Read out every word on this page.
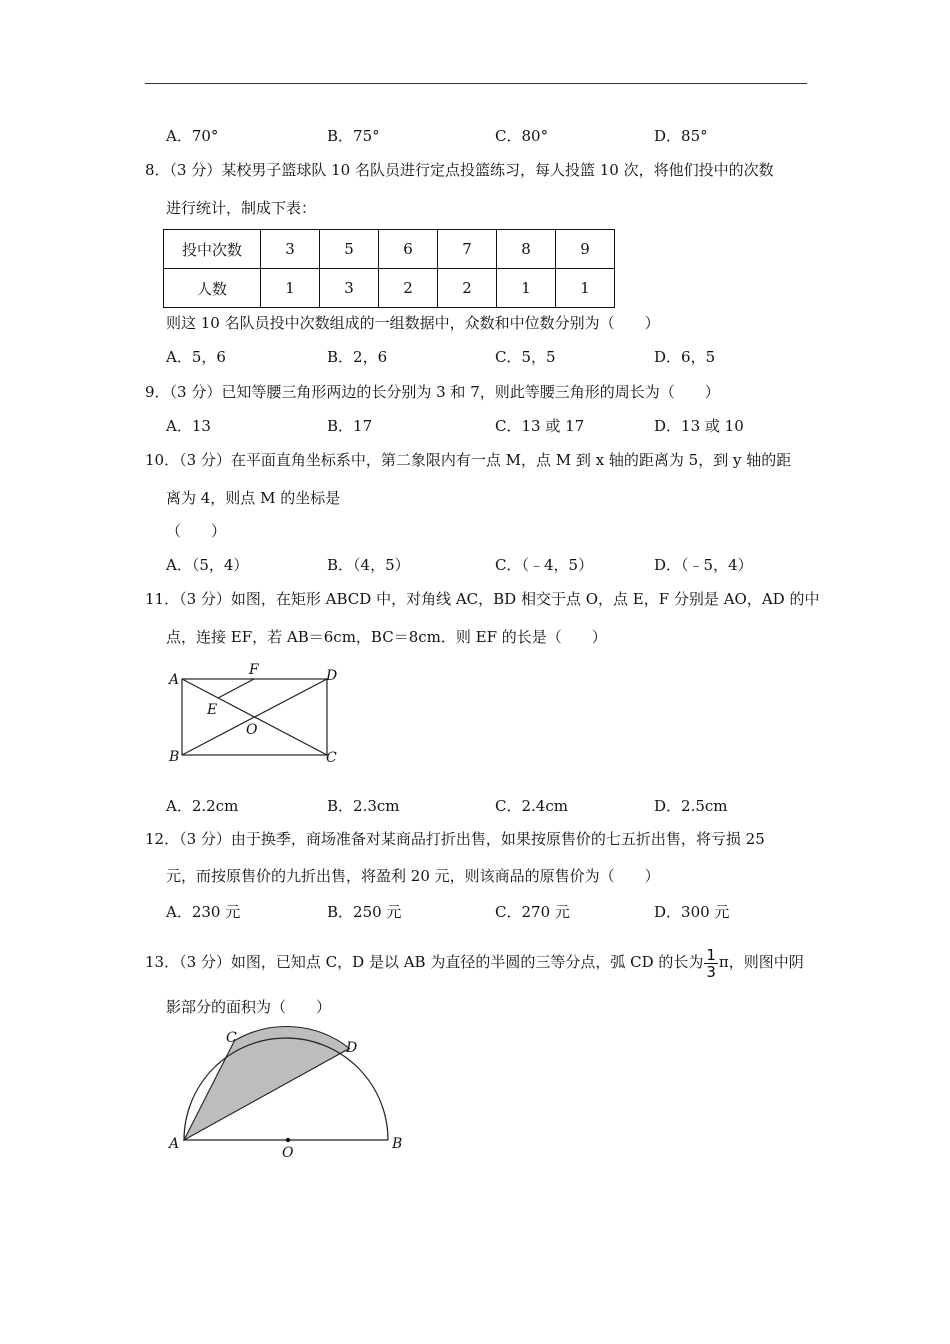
A．70°	B．75°	C．80°	D．85°
8．（3 分）某校男子篮球队 10 名队员进行定点投篮练习，每人投篮 10 次，将他们投中的次数
进行统计，制成下表：
投中次数	3	5	6	7	8	9
人数	1	3	2	2	1	1
则这 10 名队员投中次数组成的一组数据中，众数和中位数分别为（　　）
A．5，6	B．2，6	C．5，5	D．6，5
9．（3 分）已知等腰三角形两边的长分别为 3 和 7，则此等腰三角形的周长为（　　）
A．13	B．17	C．13 或 17	D．13 或 10
10．（3 分）在平面直角坐标系中，第二象限内有一点 M，点 M 到 x 轴的距离为 5，到 y 轴的距
离为 4，则点 M 的坐标是
（　　）
A．（5，4）	B．（4，5）	C．（﹣4，5）	D．（﹣5，4）
11．（3 分）如图，在矩形 ABCD 中，对角线 AC，BD 相交于点 O，点 E，F 分别是 AO，AD 的中
点，连接 EF，若 AB＝6cm，BC＝8cm．则 EF 的长是（　　）
A
F	D
E
O
B	C
A．2.2cm	B．2.3cm	C．2.4cm	D．2.5cm
12．（3 分）由于换季，商场准备对某商品打折出售，如果按原售价的七五折出售，将亏损 25
元，而按原售价的九折出售，将盈利 20 元，则该商品的原售价为（　　）
A．230 元	B．250 元	C．270 元	D．300 元
13．（3 分）如图，已知点 C，D 是以 AB 为直径的半圆的三等分点，弧 CD 的长为 $\frac{1}{3}$ π，则图中阴
影部分的面积为（　　）
C
D
A
O
B
